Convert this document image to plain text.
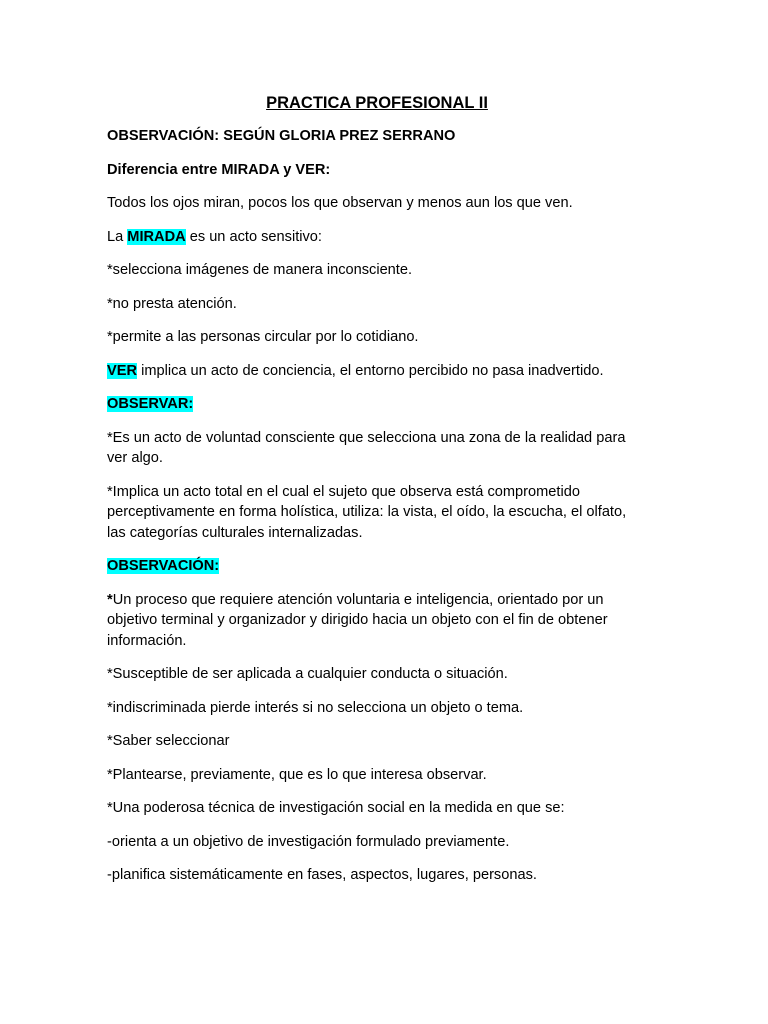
PRACTICA PROFESIONAL II
OBSERVACIÓN: SEGÚN GLORIA PREZ SERRANO
Diferencia entre MIRADA y VER:
Todos los ojos miran, pocos los que observan y menos aun los que ven.
La MIRADA es un acto sensitivo:
*selecciona imágenes de manera inconsciente.
*no presta atención.
*permite a las personas circular por lo cotidiano.
VER implica un acto de conciencia, el entorno percibido no pasa inadvertido.
OBSERVAR:
*Es un acto de voluntad consciente que selecciona una zona de la realidad para ver algo.
*Implica un acto total en el cual el sujeto que observa está comprometido perceptivamente en forma holística, utiliza: la vista, el oído, la escucha, el olfato, las categorías culturales internalizadas.
OBSERVACIÓN:
*Un proceso que requiere atención voluntaria e inteligencia, orientado por un objetivo terminal y organizador y dirigido hacia un objeto con el fin de obtener información.
*Susceptible de ser aplicada a cualquier conducta o situación.
*indiscriminada pierde interés si no selecciona un objeto o tema.
*Saber seleccionar
*Plantearse, previamente, que es lo que interesa observar.
*Una poderosa técnica de investigación social en la medida en que se:
-orienta a un objetivo de investigación formulado previamente.
-planifica sistemáticamente en fases, aspectos, lugares, personas.
